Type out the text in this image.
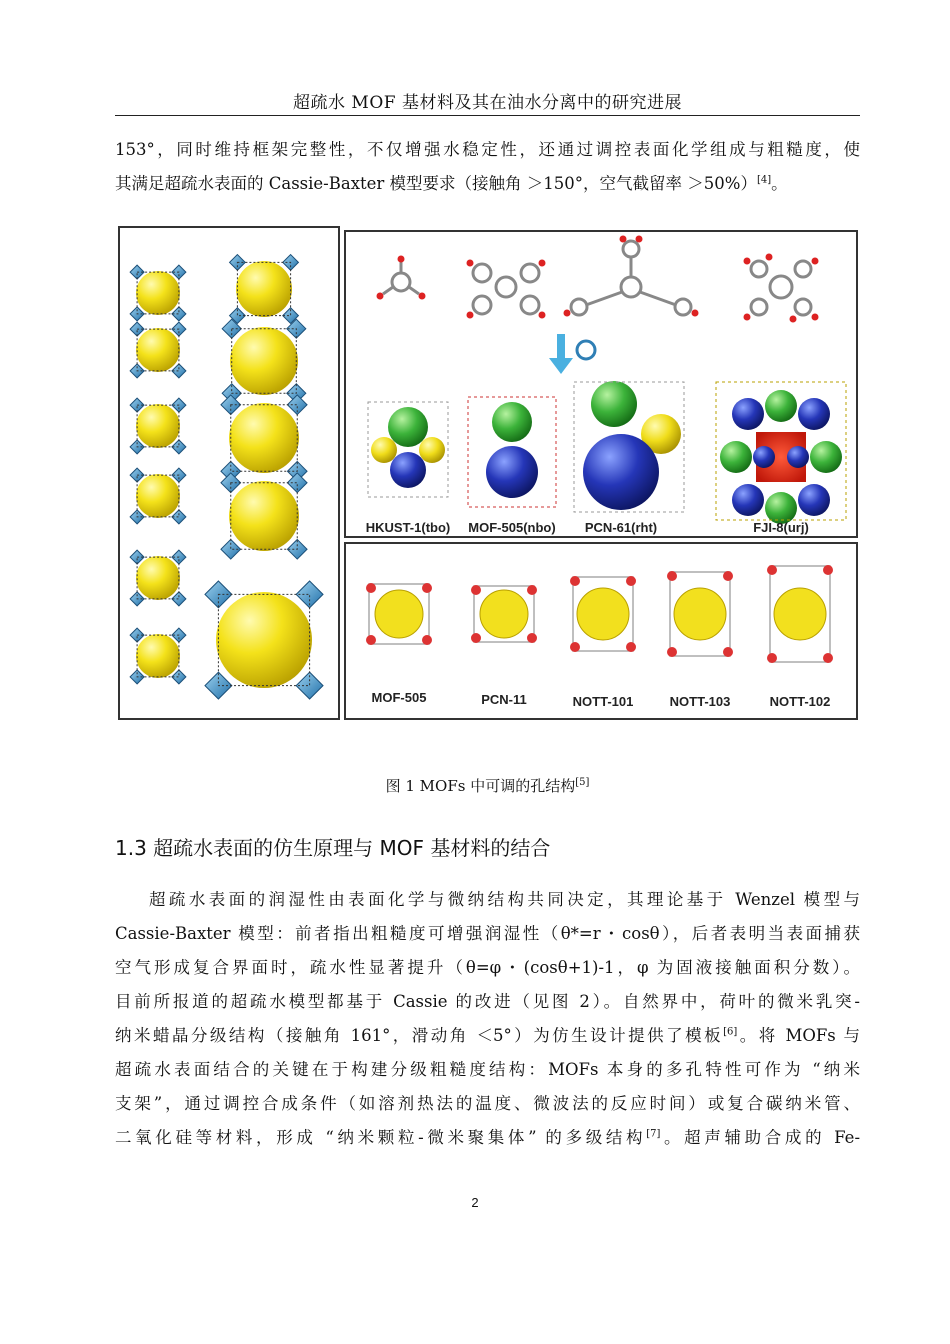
超疏水 MOF 基材料及其在油水分离中的研究进展
153°，同时维持框架完整性，不仅增强水稳定性，还通过调控表面化学组成与粗糙度，使
其满足超疏水表面的 Cassie-Baxter 模型要求（接触角 ＞150°，空气截留率 ＞50%）[4]。
HKUST-1(tbo) MOF-505(nbo) PCN-61(rht)	FJI-8(urj)
MOF-505	PCN-11	NOTT-101	NOTT-103	NOTT-102
图 1 MOFs 中可调的孔结构[5]
1.3 超疏水表面的仿生原理与 MOF 基材料的结合
超疏水表面的润湿性由表面化学与微纳结构共同决定，其理论基于 Wenzel 模型与
Cassie-Baxter 模型：前者指出粗糙度可增强润湿性（θ*=r・cosθ），后者表明当表面捕获
空气形成复合界面时，疏水性显著提升（θ=φ・(cosθ+1)-1，φ 为固液接触面积分数）。
目前所报道的超疏水模型都基于 Cassie 的改进（见图 2）。自然界中，荷叶的微米乳突-
纳米蜡晶分级结构（接触角 161°，滑动角 ＜5°）为仿生设计提供了模板[6]。将 MOFs 与
超疏水表面结合的关键在于构建分级粗糙度结构：MOFs 本身的多孔特性可作为 “纳米
支架”，通过调控合成条件（如溶剂热法的温度、微波法的反应时间）或复合碳纳米管、
二氧化硅等材料，形成 “纳米颗粒-微米聚集体” 的多级结构[7]。超声辅助合成的 Fe-
2
